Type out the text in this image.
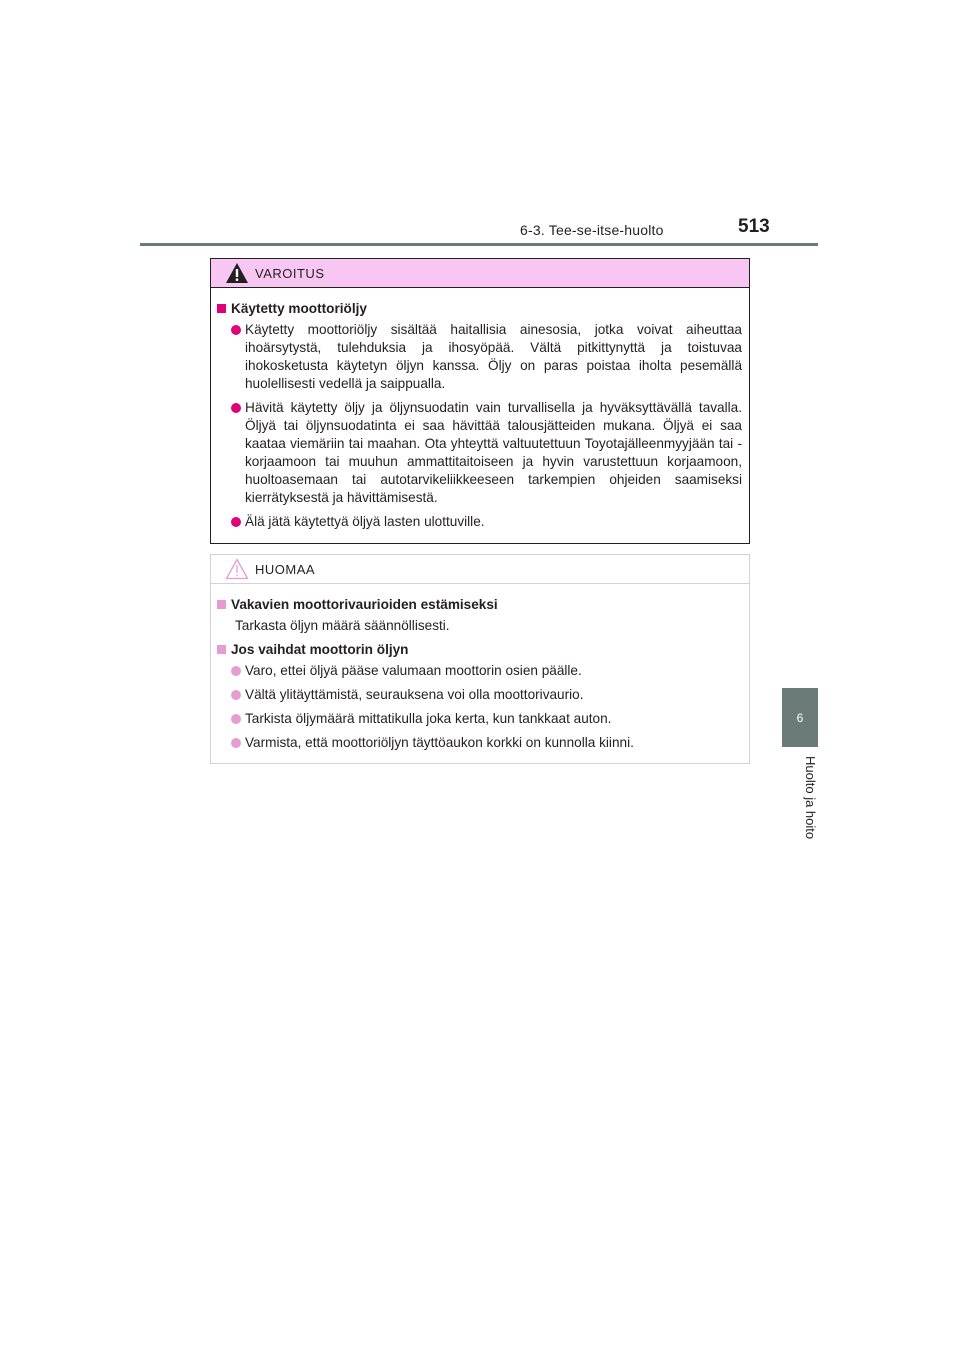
6-3. Tee-se-itse-huolto	513
6
Huolto ja hoito
VAROITUS
Käytetty moottoriöljy
Käytetty moottoriöljy sisältää haitallisia ainesosia, jotka voivat aiheuttaa ihoärsytystä, tulehduksia ja ihosyöpää. Vältä pitkittynyttä ja toistuvaa ihokosketusta käytetyn öljyn kanssa. Öljy on paras poistaa iholta pesemällä huolellisesti vedellä ja saippualla.
Hävitä käytetty öljy ja öljynsuodatin vain turvallisella ja hyväksyttävällä tavalla. Öljyä tai öljynsuodatinta ei saa hävittää talousjätteiden mukana. Öljyä ei saa kaataa viemäriin tai maahan. Ota yhteyttä valtuutettuun Toyotajälleenmyyjään tai -korjaamoon tai muuhun ammattitaitoiseen ja hyvin varustettuun korjaamoon, huoltoasemaan tai autotarvikeliikkeeseen tarkempien ohjeiden saamiseksi kierrätyksestä ja hävittämisestä.
Älä jätä käytettyä öljyä lasten ulottuville.
HUOMAA
Vakavien moottorivaurioiden estämiseksi
Tarkasta öljyn määrä säännöllisesti.
Jos vaihdat moottorin öljyn
Varo, ettei öljyä pääse valumaan moottorin osien päälle.
Vältä ylitäyttämistä, seurauksena voi olla moottorivaurio.
Tarkista öljymäärä mittatikulla joka kerta, kun tankkaat auton.
Varmista, että moottoriöljyn täyttöaukon korkki on kunnolla kiinni.
